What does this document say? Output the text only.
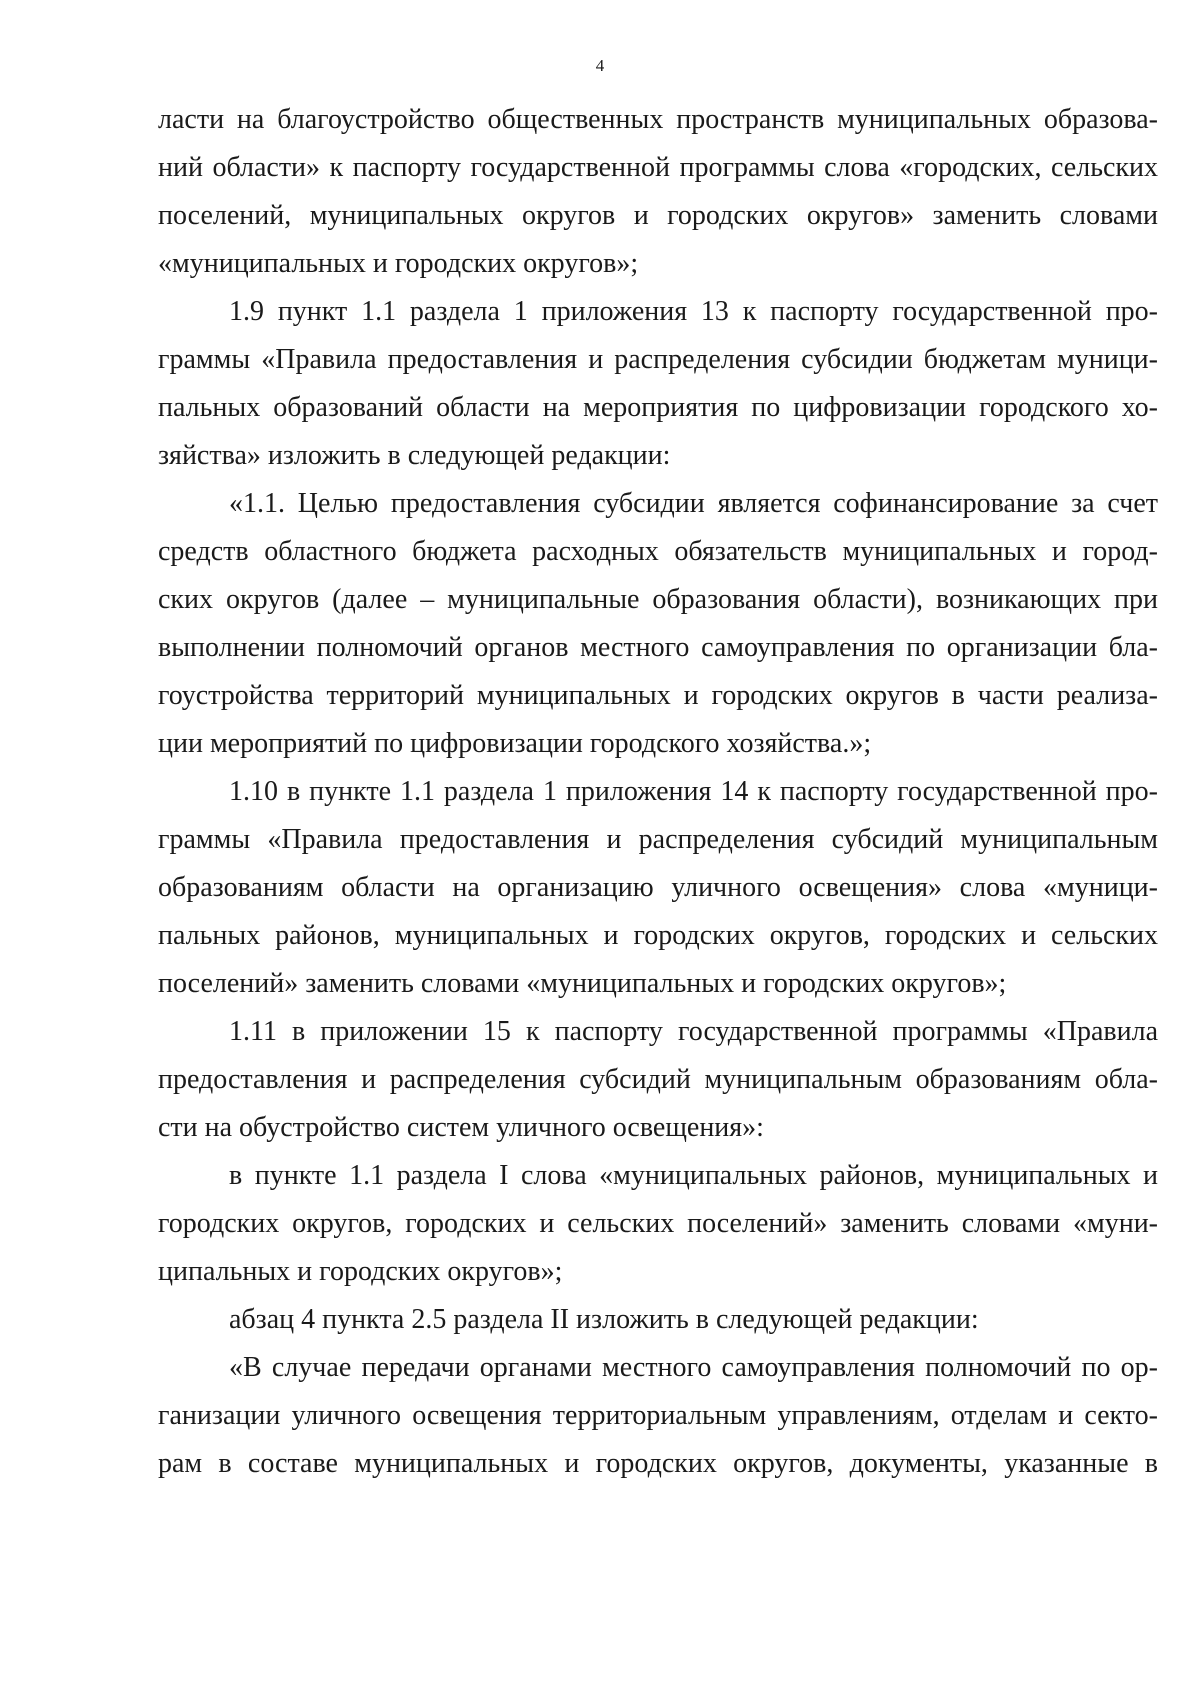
4
ласти на благоустройство общественных пространств муниципальных образова-
ний области» к паспорту государственной программы слова «городских, сельских
поселений, муниципальных округов и городских округов» заменить словами
«муниципальных и городских округов»;
1.9 пункт 1.1 раздела 1 приложения 13 к паспорту государственной про-
граммы «Правила предоставления и распределения субсидии бюджетам муници-
пальных образований области на мероприятия по цифровизации городского хо-
зяйства» изложить в следующей редакции:
«1.1. Целью предоставления субсидии является софинансирование за счет
средств областного бюджета расходных обязательств муниципальных и город-
ских округов (далее – муниципальные образования области), возникающих при
выполнении полномочий органов местного самоуправления по организации бла-
гоустройства территорий муниципальных и городских округов в части реализа-
ции мероприятий по цифровизации городского хозяйства.»;
1.10 в пункте 1.1 раздела 1 приложения 14 к паспорту государственной про-
граммы «Правила предоставления и распределения субсидий муниципальным
образованиям области на организацию уличного освещения» слова «муници-
пальных районов, муниципальных и городских округов, городских и сельских
поселений» заменить словами «муниципальных и городских округов»;
1.11 в приложении 15 к паспорту государственной программы «Правила
предоставления и распределения субсидий муниципальным образованиям обла-
сти на обустройство систем уличного освещения»:
в пункте 1.1 раздела I слова «муниципальных районов, муниципальных и
городских округов, городских и сельских поселений» заменить словами «муни-
ципальных и городских округов»;
абзац 4 пункта 2.5 раздела II изложить в следующей редакции:
«В случае передачи органами местного самоуправления полномочий по ор-
ганизации уличного освещения территориальным управлениям, отделам и секто-
рам в составе муниципальных и городских округов, документы, указанные в
